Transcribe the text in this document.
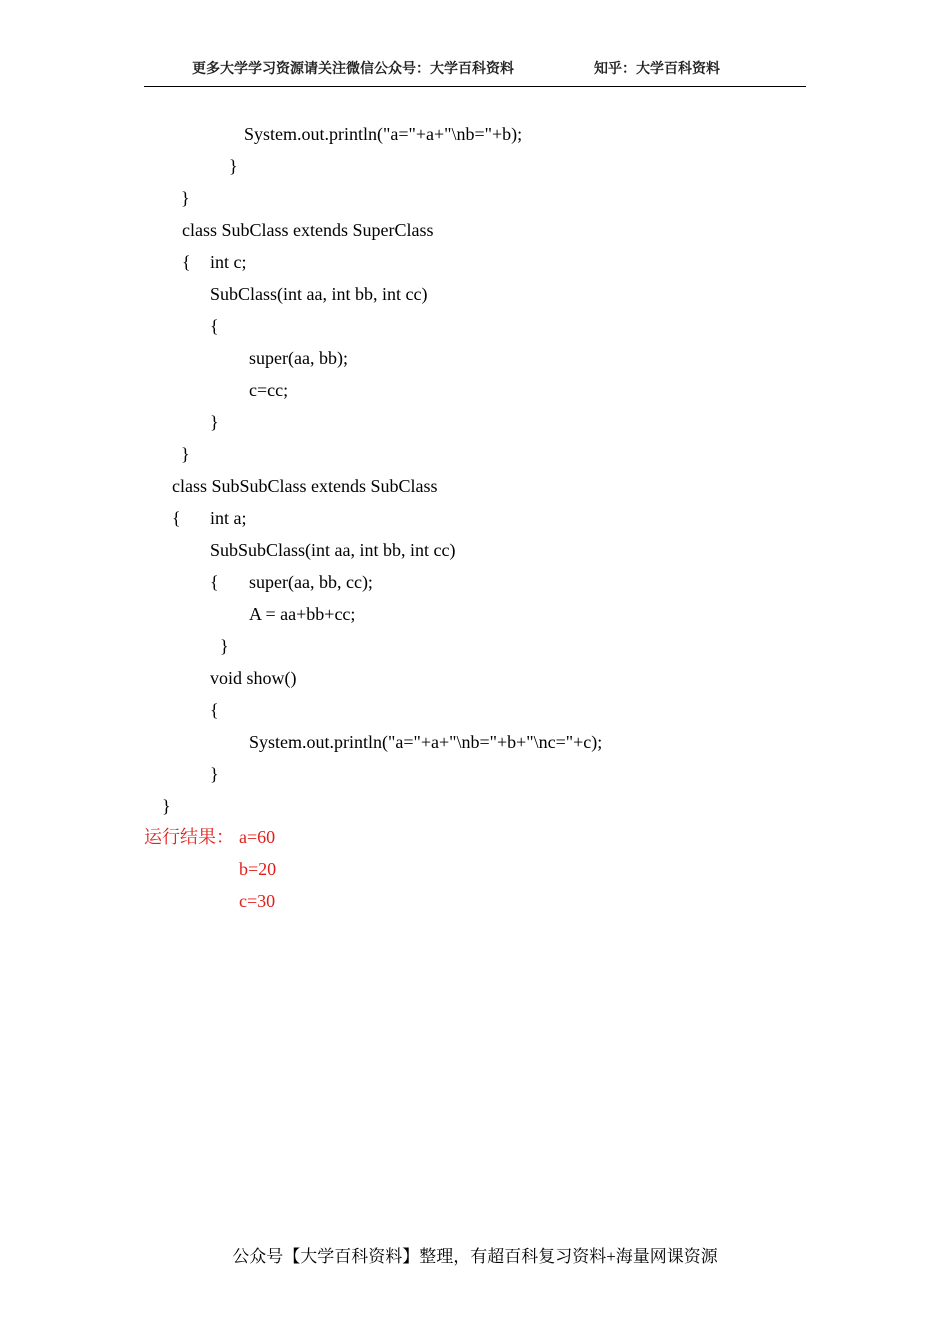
更多大学学习资源请关注微信公众号：大学百科资料	知乎：大学百科资料
System.out.println("a="+a+"\nb="+b);
}
}
class SubClass extends SuperClass
{ int c;
SubClass(int aa, int bb, int cc)
{
super(aa, bb);
c=cc;
}
}
class SubSubClass extends SubClass
{ int a;
SubSubClass(int aa, int bb, int cc)
{ super(aa, bb, cc);
A = aa+bb+cc;
}
void show()
{
System.out.println("a="+a+"\nb="+b+"\nc="+c);
}
}
运行结果： a=60
b=20
c=30
公众号【大学百科资料】整理，有超百科复习资料+海量网课资源
